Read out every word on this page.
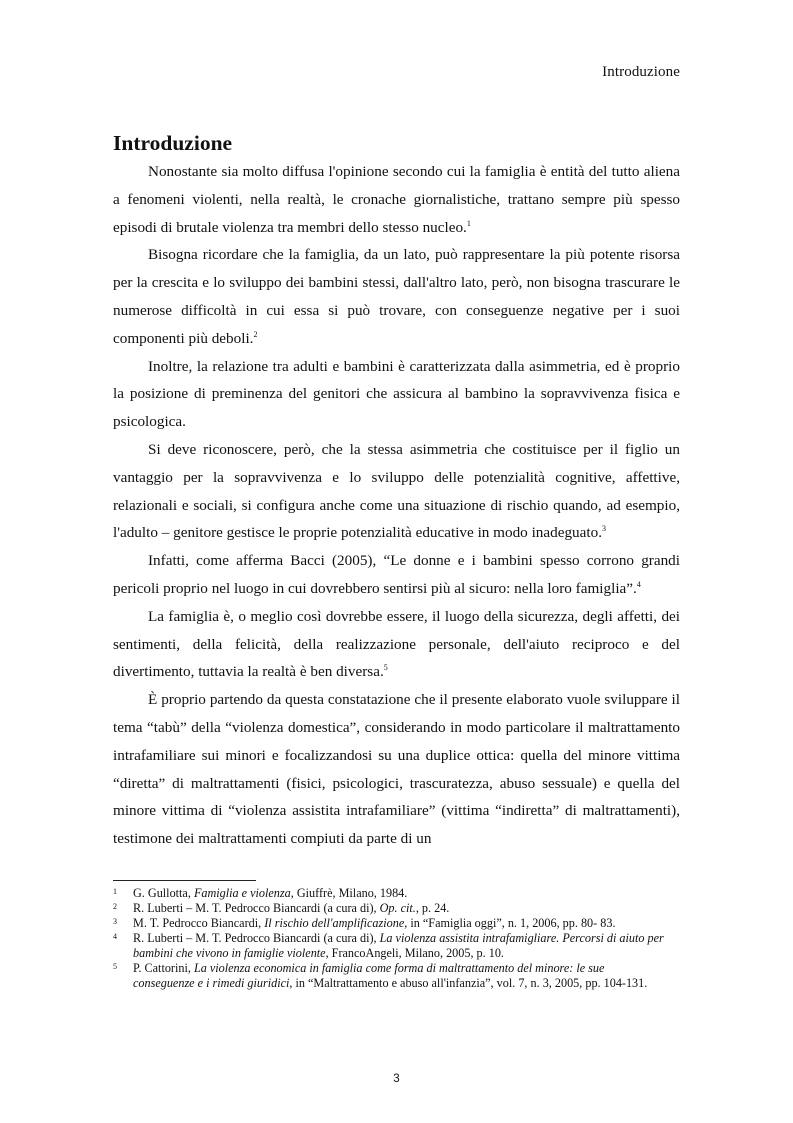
Introduzione
Introduzione

Nonostante sia molto diffusa l'opinione secondo cui la famiglia è entità del tutto aliena a fenomeni violenti, nella realtà, le cronache giornalistiche, trattano sempre più spesso episodi di brutale violenza tra membri dello stesso nucleo.$^1$

Bisogna ricordare che la famiglia, da un lato, può rappresentare la più potente risorsa per la crescita e lo sviluppo dei bambini stessi, dall'altro lato, però, non bisogna trascurare le numerose difficoltà in cui essa si può trovare, con conseguenze negative per i suoi componenti più deboli.$^2$

Inoltre, la relazione tra adulti e bambini è caratterizzata dalla asimmetria, ed è proprio la posizione di preminenza del genitori che assicura al bambino la sopravvivenza fisica e psicologica.

Si deve riconoscere, però, che la stessa asimmetria che costituisce per il figlio un vantaggio per la sopravvivenza e lo sviluppo delle potenzialità cognitive, affettive, relazionali e sociali, si configura anche come una situazione di rischio quando, ad esempio, l'adulto – genitore gestisce le proprie potenzialità educative in modo inadeguato.$^3$

Infatti, come afferma Bacci (2005), “Le donne e i bambini spesso corrono grandi pericoli proprio nel luogo in cui dovrebbero sentirsi più al sicuro: nella loro famiglia”.$^4$

La famiglia è, o meglio così dovrebbe essere, il luogo della sicurezza, degli affetti, dei sentimenti, della felicità, della realizzazione personale, dell'aiuto reciproco e del divertimento, tuttavia la realtà è ben diversa.$^5$

È proprio partendo da questa constatazione che il presente elaborato vuole sviluppare il tema “tabù” della “violenza domestica”, considerando in modo particolare il maltrattamento intrafamiliare sui minori e focalizzandosi su una duplice ottica: quella del minore vittima “diretta” di maltrattamenti (fisici, psicologici, trascuratezza, abuso sessuale) e quella del minore vittima di “violenza assistita intrafamiliare” (vittima “indiretta” di maltrattamenti), testimone dei maltrattamenti compiuti da parte di un

1	G. Gullotta, Famiglia e violenza, Giuffrè, Milano, 1984.
2	R. Luberti – M. T. Pedrocco Biancardi (a cura di), Op. cit., p. 24.
3	M. T. Pedrocco Biancardi, Il rischio dell'amplificazione, in “Famiglia oggi”, n. 1, 2006, pp. 80- 83.
4	R. Luberti – M. T. Pedrocco Biancardi (a cura di), La violenza assistita intrafamigliare. Percorsi di aiuto per bambini che vivono in famiglie violente, FrancoAngeli, Milano, 2005, p. 10.
5	P. Cattorini, La violenza economica in famiglia come forma di maltrattamento del minore: le sue conseguenze e i rimedi giuridici, in “Maltrattamento e abuso all'infanzia”, vol. 7, n. 3, 2005, pp. 104-131.
3
